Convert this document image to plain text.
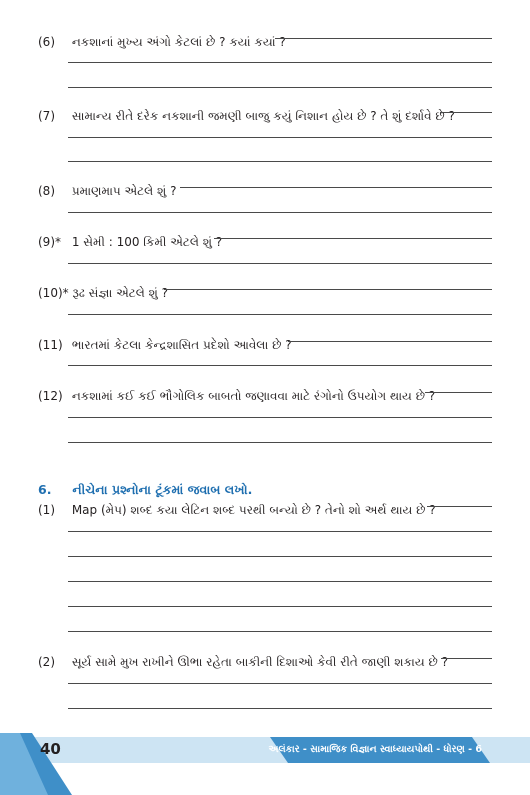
(6) નકશાનાં મુખ્ય અંગો કેટલાં છે ? કયાં કયાં ?
(7) સામાન્ય રીતે દરેક નકશાની જમણી બાજુ કયું નિશાન હોય છે ? તે શું દર્શાવે છે ?
(8) પ્રમાણમાપ એટલે શું ?
(9)* 1 સેમી : 100 કિમી એટલે શું ?
(10)* રૂઢ સંજ્ઞા એટલે શું ?
(11) ભારતમાં કેટલા કેન્દ્રશાસિત પ્રદેશો આવેલા છે ?
(12) નકશામાં કઈ કઈ ભૌગોલિક બાબતો જણાવવા માટે રંગોનો ઉપયોગ થાય છે ?
6. નીચેના પ્રશ્નોના ટૂંકમાં જવાબ લખો.
(1) Map (મેપ) શબ્દ કયા લેટિન શબ્દ પરથી બન્યો છે ? તેનો શો અર્થ થાય છે ?
(2) સૂર્ય સામે મુખ રાખીને ઊભા રહેતા બાકીની દિશાઓ કેવી રીતે જાણી શકાય છે ?
40	અલંકાર - સામાજિક વિજ્ઞાન સ્વાધ્યાયપોથી - ધોરણ - 6
